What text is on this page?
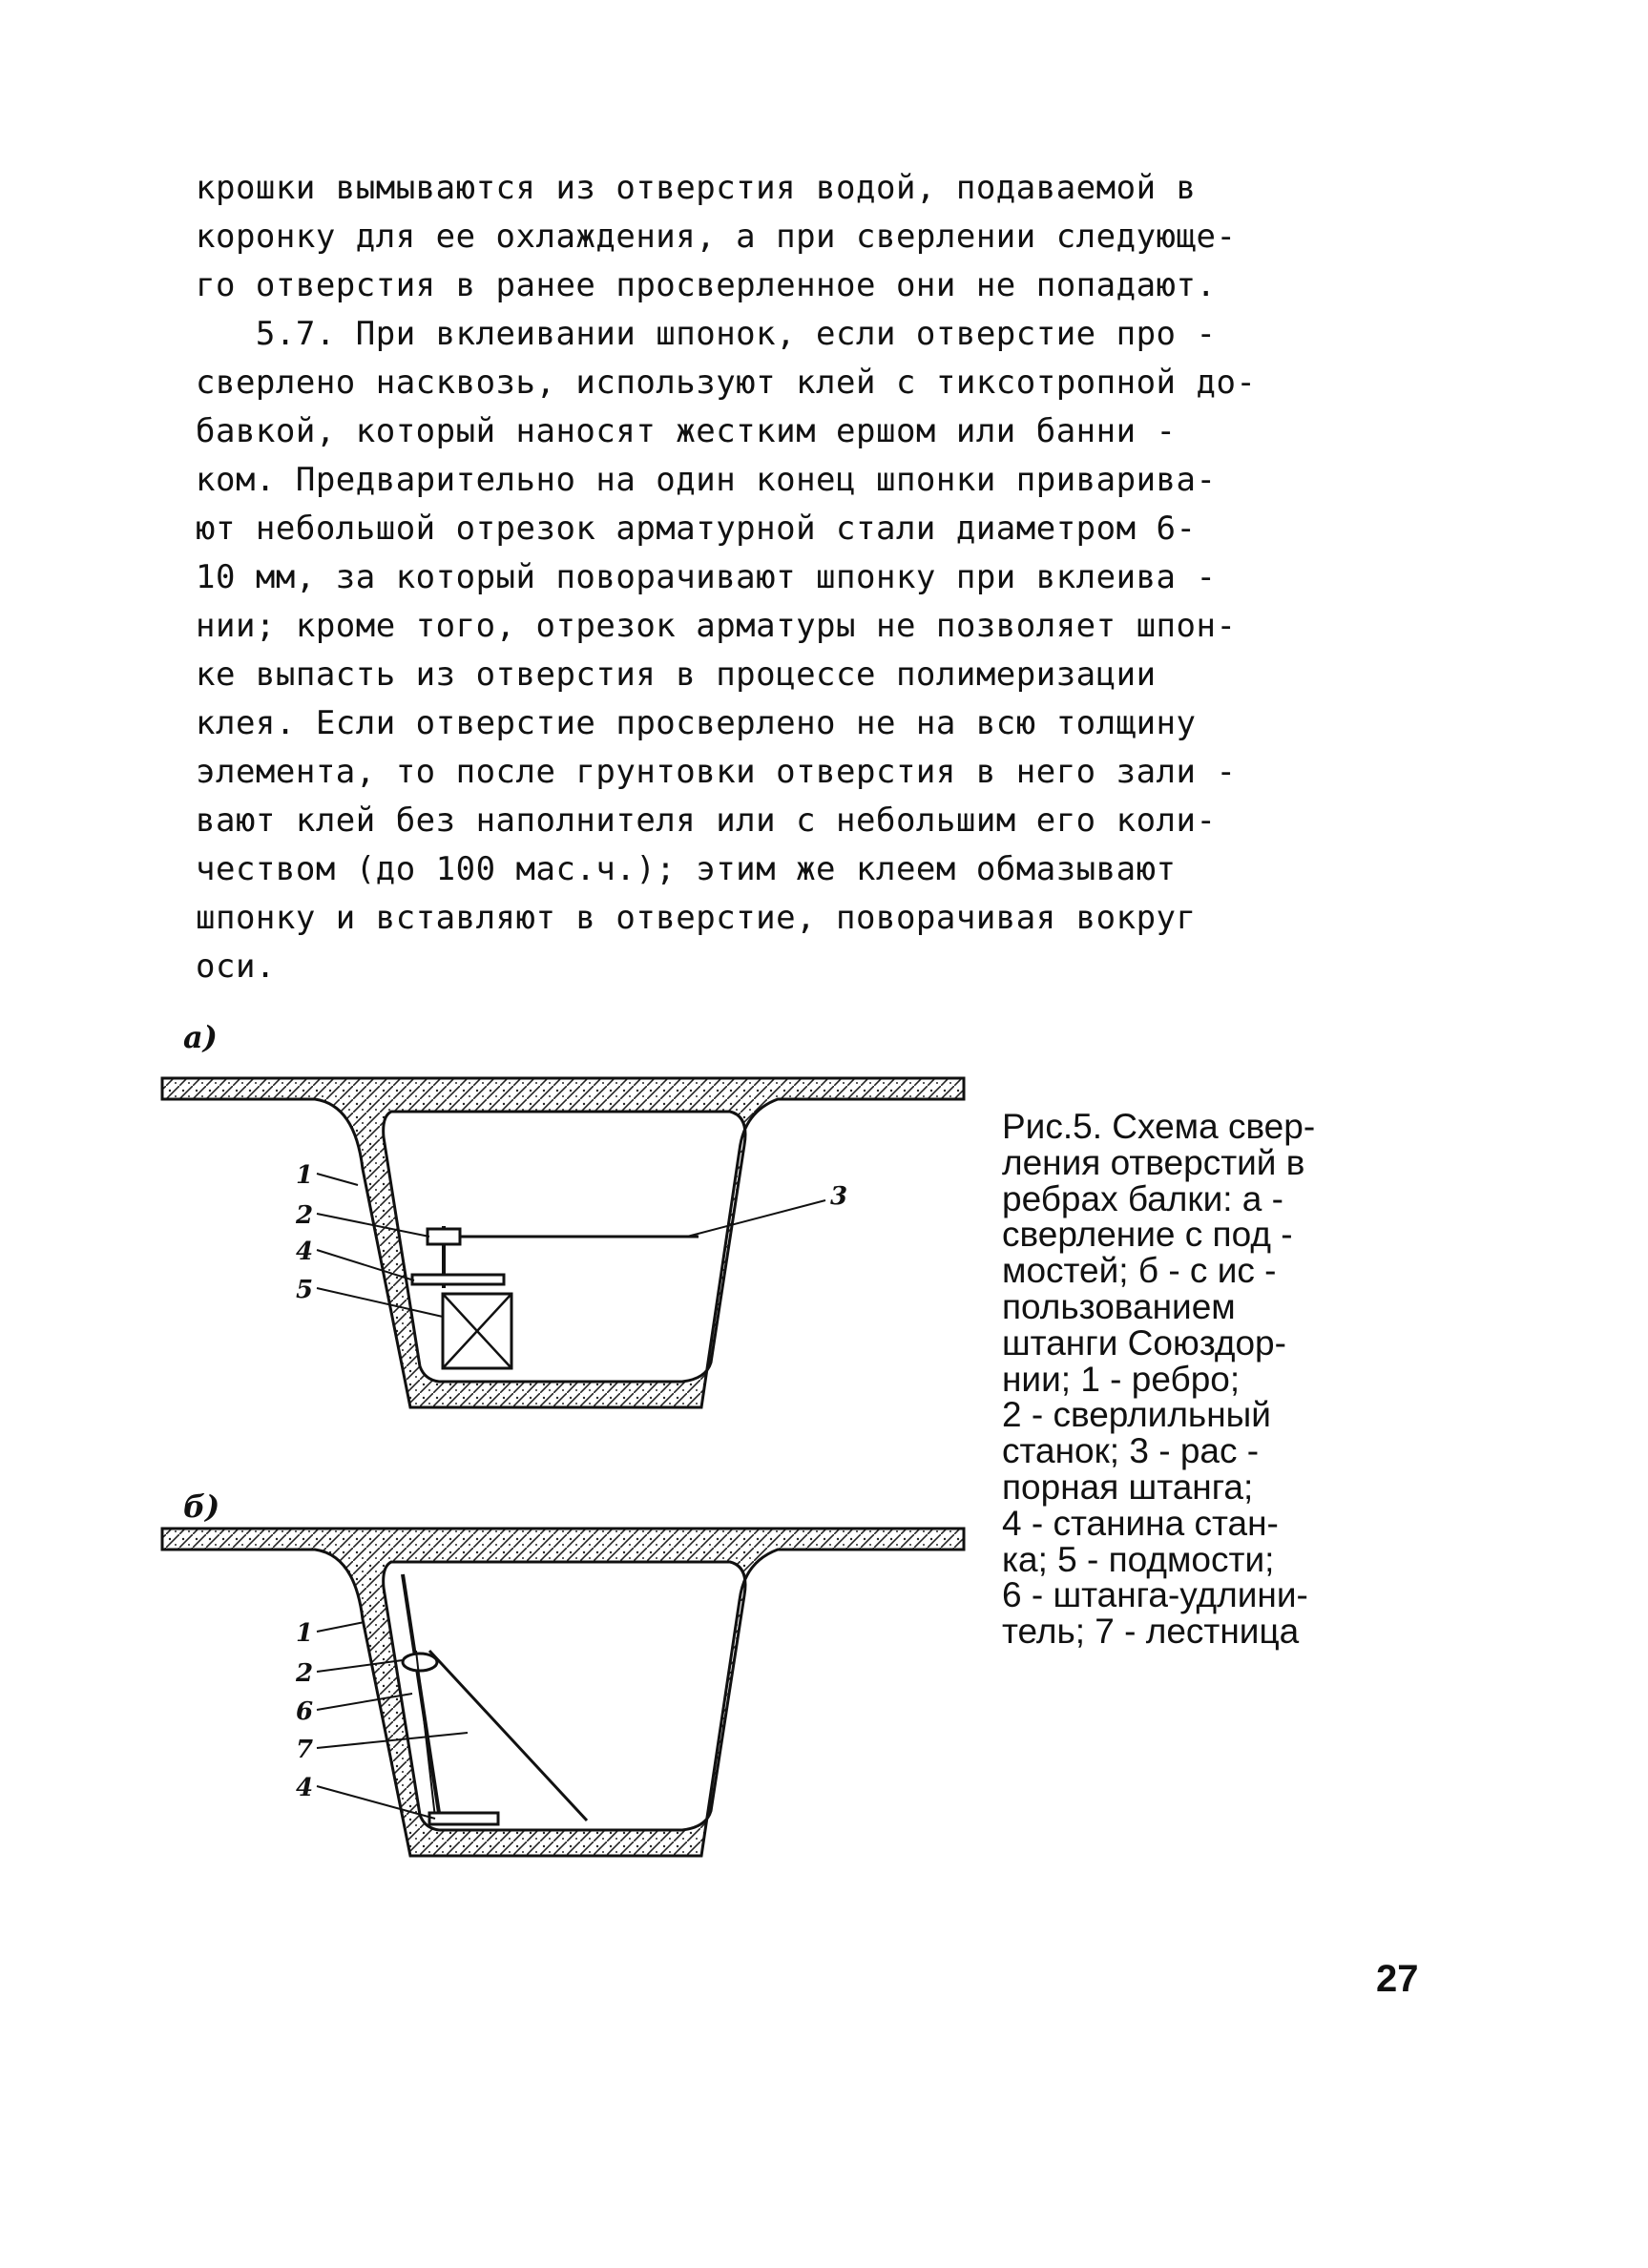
крошки вымываются из отверстия водой, подаваемой в
коронку для ее охлаждения, а при сверлении следующе-
го отверстия в ранее просверленное они не попадают.
5.7. При вклеивании шпонок, если отверстие про -
сверлено насквозь, используют клей с тиксотропной до-
бавкой, который наносят жестким ершом или банни -
ком. Предварительно на один конец шпонки приварива-
ют небольшой отрезок арматурной стали диаметром 6-
10 мм, за который поворачивают шпонку при вклеива -
нии; кроме того, отрезок арматуры не позволяет шпон-
ке выпасть из отверстия в процессе полимеризации
клея. Если отверстие просверлено не на всю толщину
элемента, то после грунтовки отверстия в него зали -
вают клей без наполнителя или с небольшим его коли-
чеством (до 100 мас.ч.); этим же клеем обмазывают
шпонку и вставляют в отверстие, поворачивая вокруг
оси.
а)
б)
1
2
4
5
3
1
2
6
7
4
Рис.5. Схема свер-
ления отверстий в
ребрах балки: а -
сверление с под -
мостей; б - с ис -
пользованием
штанги Союздор-
нии; 1 - ребро;
2 - сверлильный
станок; 3 - рас -
порная штанга;
4 - станина стан-
ка; 5 - подмости;
6 - штанга-удлини-
тель; 7 - лестница
27
